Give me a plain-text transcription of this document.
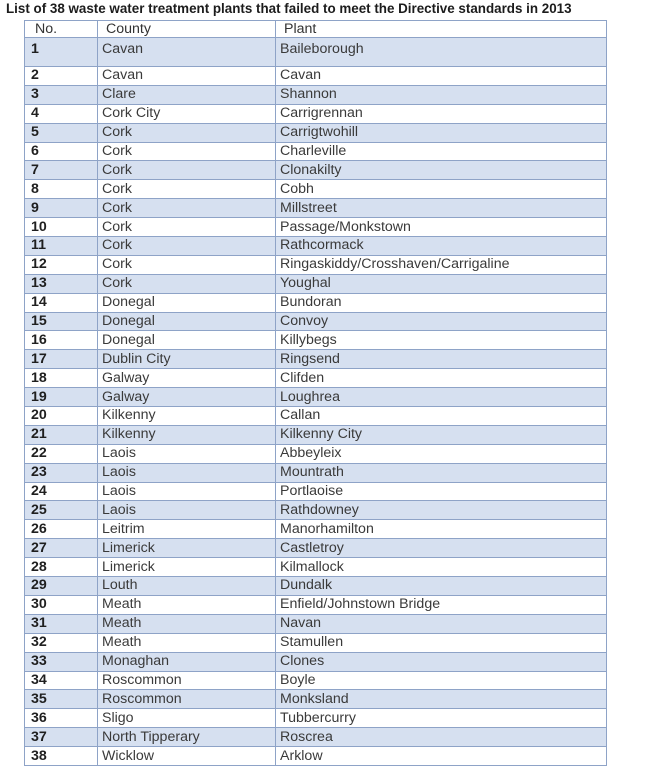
List of 38 waste water treatment plants that failed to meet the Directive standards in 2013
No.	County	Plant
1	Cavan	Baileborough
2	Cavan	Cavan
3	Clare	Shannon
4	Cork City	Carrigrennan
5	Cork	Carrigtwohill
6	Cork	Charleville
7	Cork	Clonakilty
8	Cork	Cobh
9	Cork	Millstreet
10	Cork	Passage/Monkstown
11	Cork	Rathcormack
12	Cork	Ringaskiddy/Crosshaven/Carrigaline
13	Cork	Youghal
14	Donegal	Bundoran
15	Donegal	Convoy
16	Donegal	Killybegs
17	Dublin City	Ringsend
18	Galway	Clifden
19	Galway	Loughrea
20	Kilkenny	Callan
21	Kilkenny	Kilkenny City
22	Laois	Abbeyleix
23	Laois	Mountrath
24	Laois	Portlaoise
25	Laois	Rathdowney
26	Leitrim	Manorhamilton
27	Limerick	Castletroy
28	Limerick	Kilmallock
29	Louth	Dundalk
30	Meath	Enfield/Johnstown Bridge
31	Meath	Navan
32	Meath	Stamullen
33	Monaghan	Clones
34	Roscommon	Boyle
35	Roscommon	Monksland
36	Sligo	Tubbercurry
37	North Tipperary	Roscrea
38	Wicklow	Arklow
